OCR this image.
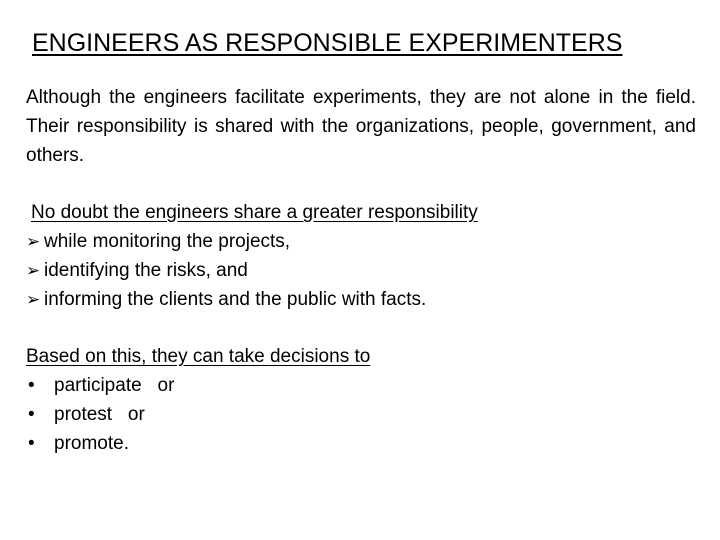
ENGINEERS AS RESPONSIBLE EXPERIMENTERS

Although the engineers facilitate experiments, they are not alone in the field. Their responsibility is shared with the organizations, people, government, and others.

No doubt the engineers share a greater responsibility
➢ while monitoring the projects,
➢ identifying the risks, and
➢ informing the clients and the public with facts.
Based on this, they can take decisions to
•	participate   or
•	protest   or
•	promote.
